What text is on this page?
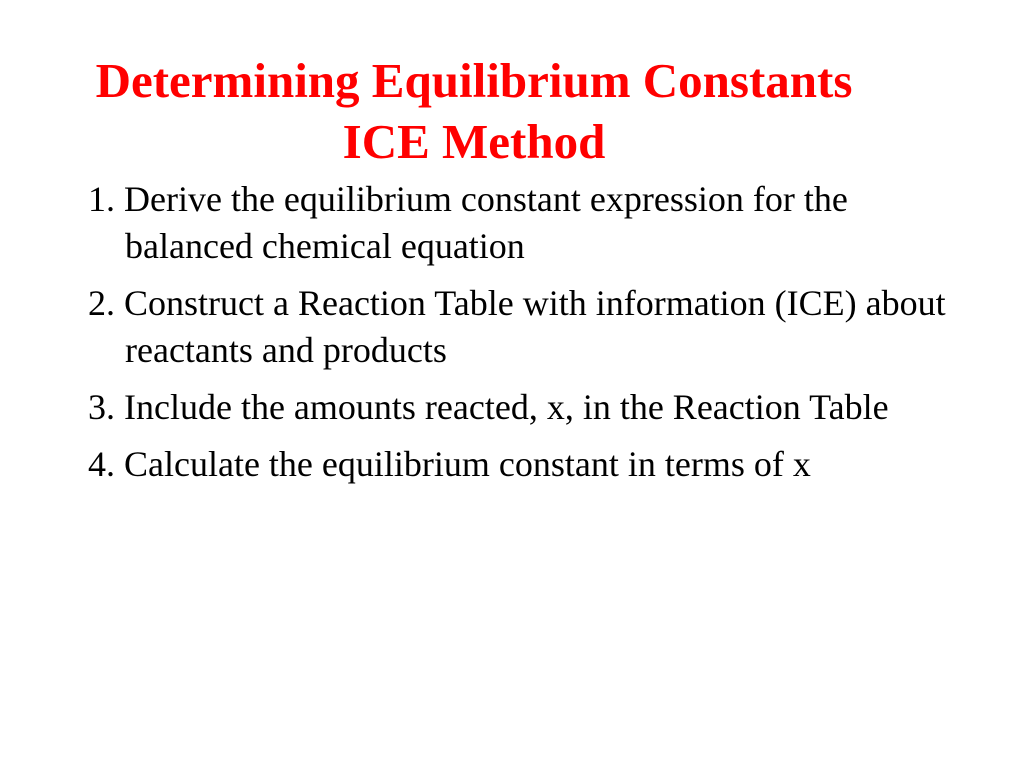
Determining Equilibrium Constants
ICE Method
1. Derive the equilibrium constant expression for the balanced chemical equation
2. Construct a Reaction Table with information (ICE) about reactants and products
3. Include the amounts reacted, x, in the Reaction Table
4. Calculate the equilibrium constant in terms of x
